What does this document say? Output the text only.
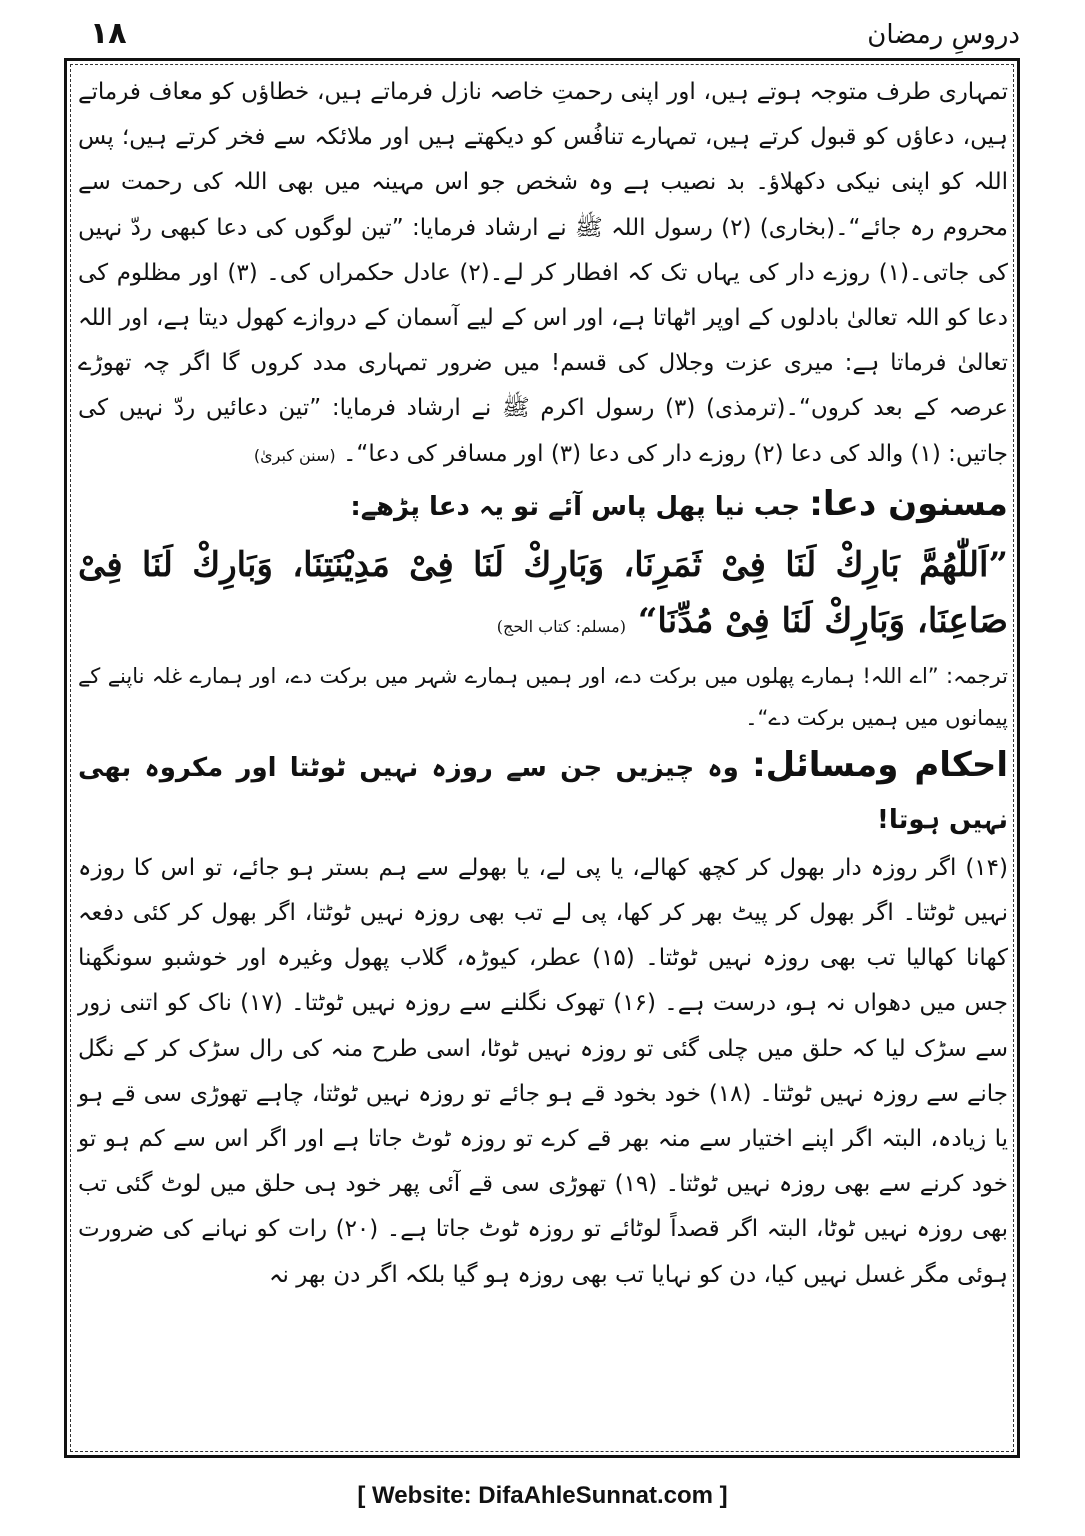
۱۸	دروسِ رمضان

تمہاری طرف متوجہ ہوتے ہیں، اور اپنی رحمتِ خاصہ نازل فرماتے ہیں، خطاؤں کو معاف فرماتے ہیں، دعاؤں کو قبول کرتے ہیں، تمہارے تنافُس کو دیکھتے ہیں اور ملائکہ سے فخر کرتے ہیں؛ پس اللہ کو اپنی نیکی دکھلاؤ۔ بد نصیب ہے وہ شخص جو اس مہینہ میں بھی اللہ کی رحمت سے محروم رہ جائے“۔(بخاری) (۲) رسول اللہ ﷺ نے ارشاد فرمایا: ”تین لوگوں کی دعا کبھی ردّ نہیں کی جاتی۔(۱) روزے دار کی یہاں تک کہ افطار کر لے۔(۲) عادل حکمراں کی۔ (۳) اور مظلوم کی دعا کو اللہ تعالیٰ بادلوں کے اوپر اٹھاتا ہے، اور اس کے لیے آسمان کے دروازے کھول دیتا ہے، اور اللہ تعالیٰ فرماتا ہے: میری عزت وجلال کی قسم! میں ضرور تمہاری مدد کروں گا اگر چہ تھوڑے عرصہ کے بعد کروں“۔(ترمذی) (۳) رسول اکرم ﷺ نے ارشاد فرمایا: ”تین دعائیں ردّ نہیں کی جاتیں: (۱) والد کی دعا (۲) روزے دار کی دعا (۳) اور مسافر کی دعا“۔ (سنن کبریٰ)

مسنون دعا: جب نیا پھل پاس آئے تو یہ دعا پڑھے:

”اَللّٰھُمَّ بَارِكْ لَنَا فِیْ ثَمَرِنَا، وَبَارِكْ لَنَا فِیْ مَدِیْنَتِنَا، وَبَارِكْ لَنَا فِیْ صَاعِنَا، وَبَارِكْ لَنَا فِیْ مُدِّنَا“ (مسلم: کتاب الحج)

ترجمہ: ”اے اللہ! ہمارے پھلوں میں برکت دے، اور ہمیں ہمارے شہر میں برکت دے، اور ہمارے غلہ ناپنے کے پیمانوں میں ہمیں برکت دے“۔

احکام ومسائل: وہ چیزیں جن سے روزہ نہیں ٹوٹتا اور مکروہ بھی نہیں ہوتا!

(۱۴) اگر روزہ دار بھول کر کچھ کھالے، یا پی لے، یا بھولے سے ہم بستر ہو جائے، تو اس کا روزہ نہیں ٹوٹتا۔ اگر بھول کر پیٹ بھر کر کھا، پی لے تب بھی روزہ نہیں ٹوٹتا، اگر بھول کر کئی دفعہ کھانا کھالیا تب بھی روزہ نہیں ٹوٹتا۔ (۱۵) عطر، کیوڑہ، گلاب پھول وغیرہ اور خوشبو سونگھنا جس میں دھواں نہ ہو، درست ہے۔ (۱۶) تھوک نگلنے سے روزہ نہیں ٹوٹتا۔ (۱۷) ناک کو اتنی زور سے سڑک لیا کہ حلق میں چلی گئی تو روزہ نہیں ٹوٹا، اسی طرح منہ کی رال سڑک کر کے نگل جانے سے روزہ نہیں ٹوٹتا۔ (۱۸) خود بخود قے ہو جائے تو روزہ نہیں ٹوٹتا، چاہے تھوڑی سی قے ہو یا زیادہ، البتہ اگر اپنے اختیار سے منہ بھر قے کرے تو روزہ ٹوٹ جاتا ہے اور اگر اس سے کم ہو تو خود کرنے سے بھی روزہ نہیں ٹوٹتا۔ (۱۹) تھوڑی سی قے آئی پھر خود ہی حلق میں لوٹ گئی تب بھی روزہ نہیں ٹوٹا، البتہ اگر قصداً لوٹائے تو روزہ ٹوٹ جاتا ہے۔ (۲۰) رات کو نہانے کی ضرورت ہوئی مگر غسل نہیں کیا، دن کو نہایا تب بھی روزہ ہو گیا بلکہ اگر دن بھر نہ

[ Website: DifaAhleSunnat.com ]
